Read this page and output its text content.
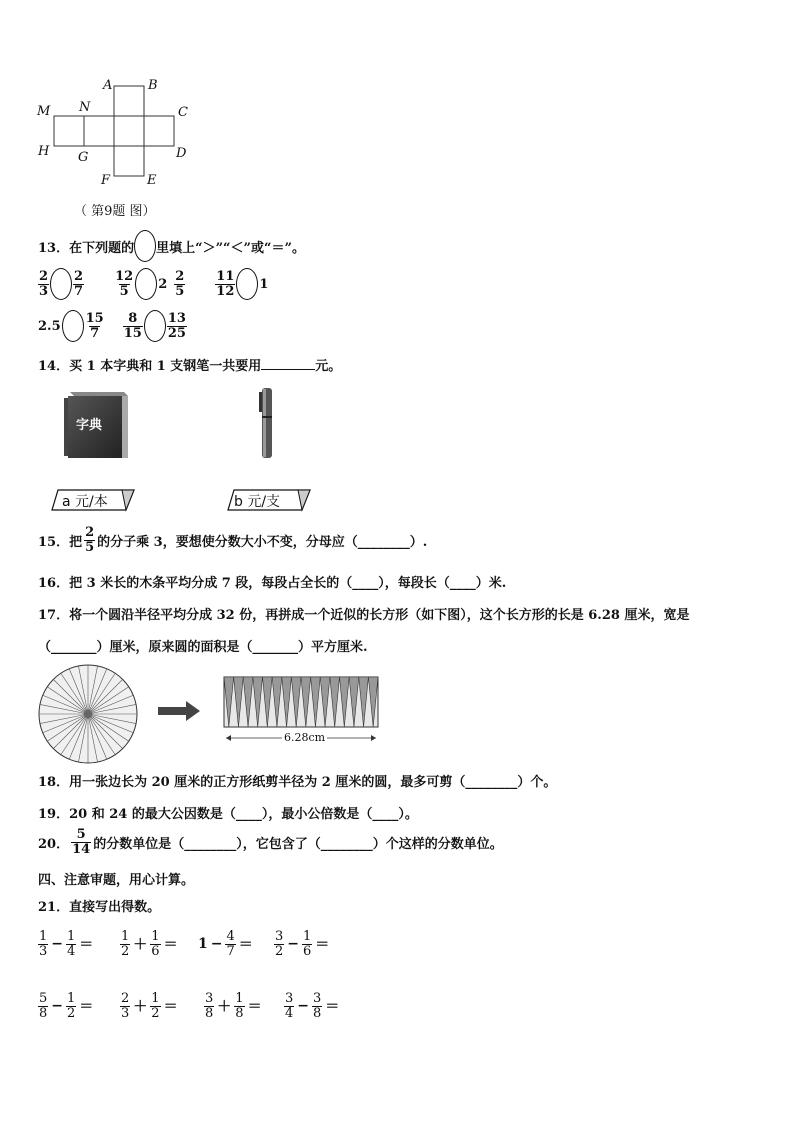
A	B
C
D
E
F
G
H
M N
（ 第9题 图）
13．在下列题的 里填上“＞”“＜”或“＝”。
$\frac{2}{3} \frac{2}{7} \frac{12}{5} 2 \frac{2}{5} \frac{11}{12} 1$
$2.5 \frac{15}{7} \frac{8}{15} \frac{13}{25}$
14．买 1 本字典和 1 支钢笔一共要用	元。
字典
a 元/本	b 元/支
15．把 $\frac{2}{5}$ 的分子乘 3，要想使分数大小不变，分母应（________）.
16．把 3 米长的木条平均分成 7 段，每段占全长的（____），每段长（____）米.
17．将一个圆沿半径平均分成 32 份，再拼成一个近似的长方形（如下图），这个长方形的长是 6.28 厘米，宽是
（_______）厘米，原来圆的面积是（_______）平方厘米.
6.28cm
18．用一张边长为 20 厘米的正方形纸剪半径为 2 厘米的圆，最多可剪（________）个。
19．20 和 24 的最大公因数是（____），最小公倍数是（____）。
20． $\frac{5}{14}$ 的分数单位是（________），它包含了（________）个这样的分数单位。
四、注意审题，用心计算。
21．直接写出得数。
$\frac{1}{3} - \frac{1}{4} = \frac{1}{2} + \frac{1}{6} = 1 - \frac{4}{7} = \frac{3}{2} - \frac{1}{6}$ ＝
$\frac{5}{8} - \frac{1}{2} = \frac{2}{3} + \frac{1}{2} = \frac{3}{8} + \frac{1}{8} = \frac{3}{4} - \frac{3}{8}$ ＝
